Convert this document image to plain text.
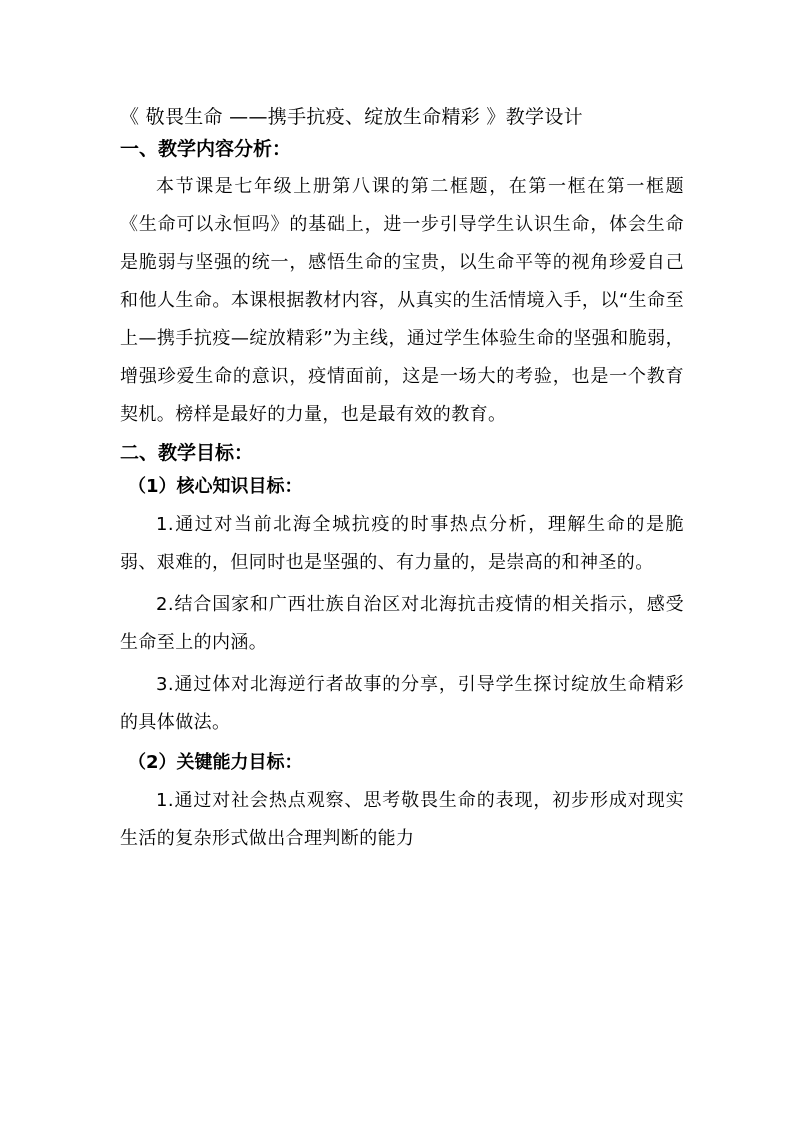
《 敬畏生命 ——携手抗疫、绽放生命精彩 》教学设计
一、教学内容分析：

本节课是七年级上册第八课的第二框题，在第一框在第一框题《生命可以永恒吗》的基础上，进一步引导学生认识生命，体会生命是脆弱与坚强的统一，感悟生命的宝贵，以生命平等的视角珍爱自己和他人生命。本课根据教材内容，从真实的生活情境入手，以“生命至上—携手抗疫—绽放精彩”为主线，通过学生体验生命的坚强和脆弱，增强珍爱生命的意识，疫情面前，这是一场大的考验，也是一个教育契机。榜样是最好的力量，也是最有效的教育。

二、教学目标：
（1）核心知识目标：

1.通过对当前北海全城抗疫的时事热点分析，理解生命的是脆弱、艰难的，但同时也是坚强的、有力量的，是崇高的和神圣的。

2.结合国家和广西壮族自治区对北海抗击疫情的相关指示，感受生命至上的内涵。

3.通过体对北海逆行者故事的分享，引导学生探讨绽放生命精彩的具体做法。

（2）关键能力目标：

1.通过对社会热点观察、思考敬畏生命的表现，初步形成对现实生活的复杂形式做出合理判断的能力
